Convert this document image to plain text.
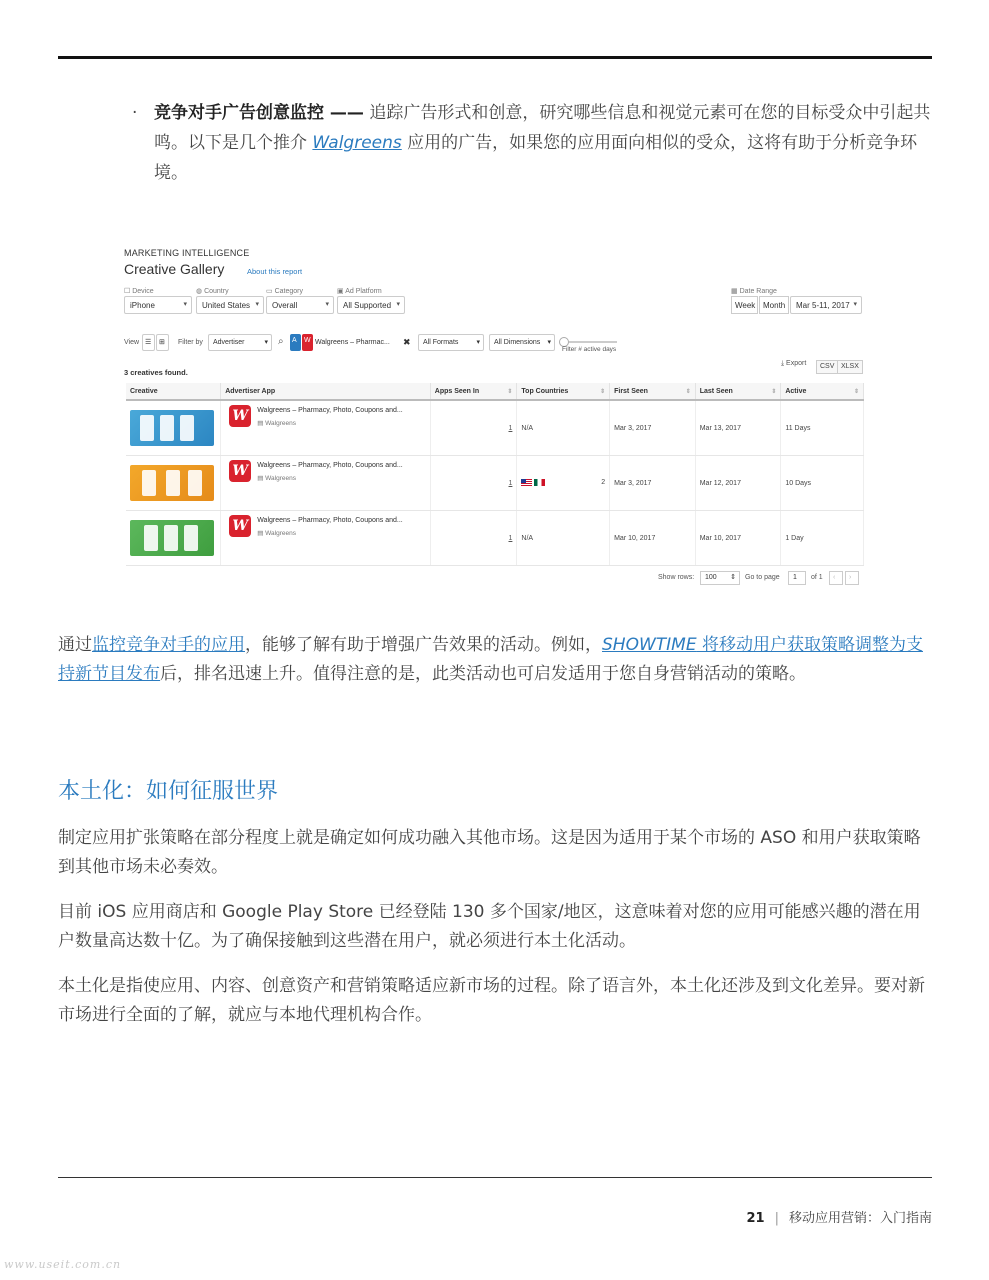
· 竞争对手广告创意监控 —— 追踪广告形式和创意，研究哪些信息和视觉元素可在您的目标受众中引起共鸣。以下是几个推介 Walgreens 应用的广告，如果您的应用面向相似的受众，这将有助于分析竞争环境。
MARKETING INTELLIGENCE
Creative Gallery	About this report
☐ Device
iPhone	▾
◍ Country
United States ▾
▭ Category
Overall	▾
▣ Ad Platform
All Supported ▾
▦ Date Range
Week Month	Mar 5-11, 2017 ▾
View ☰	⊞	Filter by	Advertiser	▾ ⌕ A	W Walgreens – Pharmac... ✖	All Formats	▾	All Dimensions ▾
Filter # active days
3 creatives found.
⤓ Export	CSV XLSX
Creative	Advertiser App	Apps Seen In ⇕	Top Countries ⇕	First Seen ⇕	Last Seen ⇕	Active ⇕

	W Walgreens – Pharmacy, Photo, Coupons and...
▤ Walgreens	1	N/A	Mar 3, 2017	Mar 13, 2017	11 Days

	W Walgreens – Pharmacy, Photo, Coupons and...
▤ Walgreens	1	2	Mar 3, 2017	Mar 12, 2017	10 Days

	W Walgreens – Pharmacy, Photo, Coupons and...
▤ Walgreens	1	N/A	Mar 10, 2017	Mar 10, 2017	1 Day
Show rows:	100 ⇕ Go to page	1	of 1	‹	›
通过监控竞争对手的应用，能够了解有助于增强广告效果的活动。例如，SHOWTIME 将移动用户获取策略调整为支持新节目发布后，排名迅速上升。值得注意的是，此类活动也可启发适用于您自身营销活动的策略。
本土化：如何征服世界
制定应用扩张策略在部分程度上就是确定如何成功融入其他市场。这是因为适用于某个市场的 ASO 和用户获取策略到其他市场未必奏效。
目前 iOS 应用商店和 Google Play Store 已经登陆 130 多个国家/地区，这意味着对您的应用可能感兴趣的潜在用户数量高达数十亿。为了确保接触到这些潜在用户，就必须进行本土化活动。
本土化是指使应用、内容、创意资产和营销策略适应新市场的过程。除了语言外，本土化还涉及到文化差异。要对新市场进行全面的了解，就应与本地代理机构合作。
21 | 移动应用营销：入门指南
www.useit.com.cn
